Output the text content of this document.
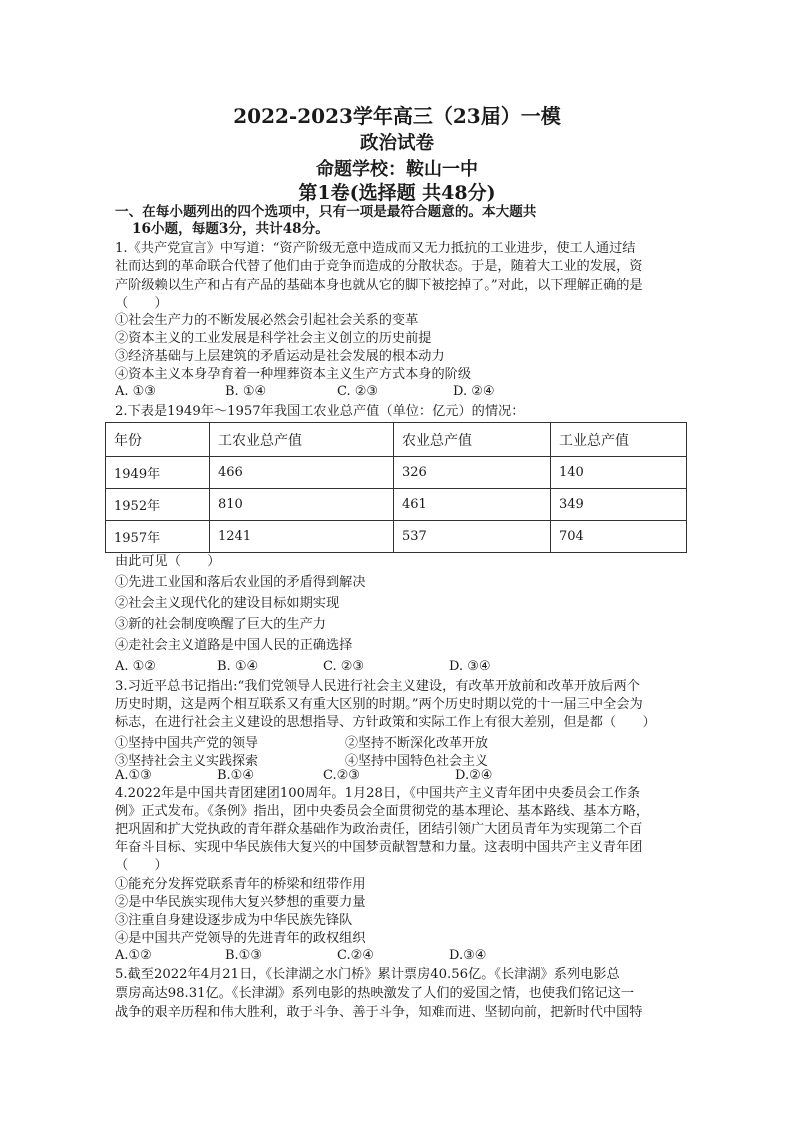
2022-2023学年高三（23届）一模
政治试卷
命题学校：鞍山一中
第1卷(选择题 共48分)
一、在每小题列出的四个选项中，只有一项是最符合题意的。本大题共
16小题，每题3分，共计48分。
1.《共产党宣言》中写道：“资产阶级无意中造成而又无力抵抗的工业进步，使工人通过结
社而达到的革命联合代替了他们由于竞争而造成的分散状态。于是，随着大工业的发展，资
产阶级赖以生产和占有产品的基础本身也就从它的脚下被挖掉了。”对此，以下理解正确的是
（　　）
①社会生产力的不断发展必然会引起社会关系的变革
②资本主义的工业发展是科学社会主义创立的历史前提
③经济基础与上层建筑的矛盾运动是社会发展的根本动力
④资本主义本身孕育着一种埋葬资本主义生产方式本身的阶级
A. ①③	B. ①④	C. ②③	D. ②④
2.下表是1949年～1957年我国工农业总产值（单位：亿元）的情况：
年份	工农业总产值	农业总产值	工业总产值
1949年	466	326	140
1952年	810	461	349
1957年	1241	537	704
由此可见（　　）
①先进工业国和落后农业国的矛盾得到解决
②社会主义现代化的建设目标如期实现
③新的社会制度唤醒了巨大的生产力
④走社会主义道路是中国人民的正确选择
A. ①②	B. ①④	C. ②③	D. ③④
3.习近平总书记指出:“我们党领导人民进行社会主义建设，有改革开放前和改革开放后两个
历史时期，这是两个相互联系又有重大区别的时期。”两个历史时期以党的十一届三中全会为
标志，在进行社会主义建设的思想指导、方针政策和实际工作上有很大差别，但是都（　　）
①坚持中国共产党的领导	②坚持不断深化改革开放
③坚持社会主义实践探索	④坚持中国特色社会主义
A.①③	B.①④	C.②③	D.②④
4.2022年是中国共青团建团100周年。1月28日，《中国共产主义青年团中央委员会工作条
例》正式发布。《条例》指出，团中央委员会全面贯彻党的基本理论、基本路线、基本方略，
把巩固和扩大党执政的青年群众基础作为政治责任，团结引领广大团员青年为实现第二个百
年奋斗目标、实现中华民族伟大复兴的中国梦贡献智慧和力量。这表明中国共产主义青年团
（　　）
①能充分发挥党联系青年的桥梁和纽带作用
②是中华民族实现伟大复兴梦想的重要力量
③注重自身建设逐步成为中华民族先锋队
④是中国共产党领导的先进青年的政权组织
A.①②	B.①③	C.②④	D.③④
5.截至2022年4月21日，《长津湖之水门桥》累计票房40.56亿。《长津湖》系列电影总
票房高达98.31亿。《长津湖》系列电影的热映激发了人们的爱国之情，也使我们铭记这一
战争的艰辛历程和伟大胜利，敢于斗争、善于斗争，知难而进、坚韧向前，把新时代中国特
